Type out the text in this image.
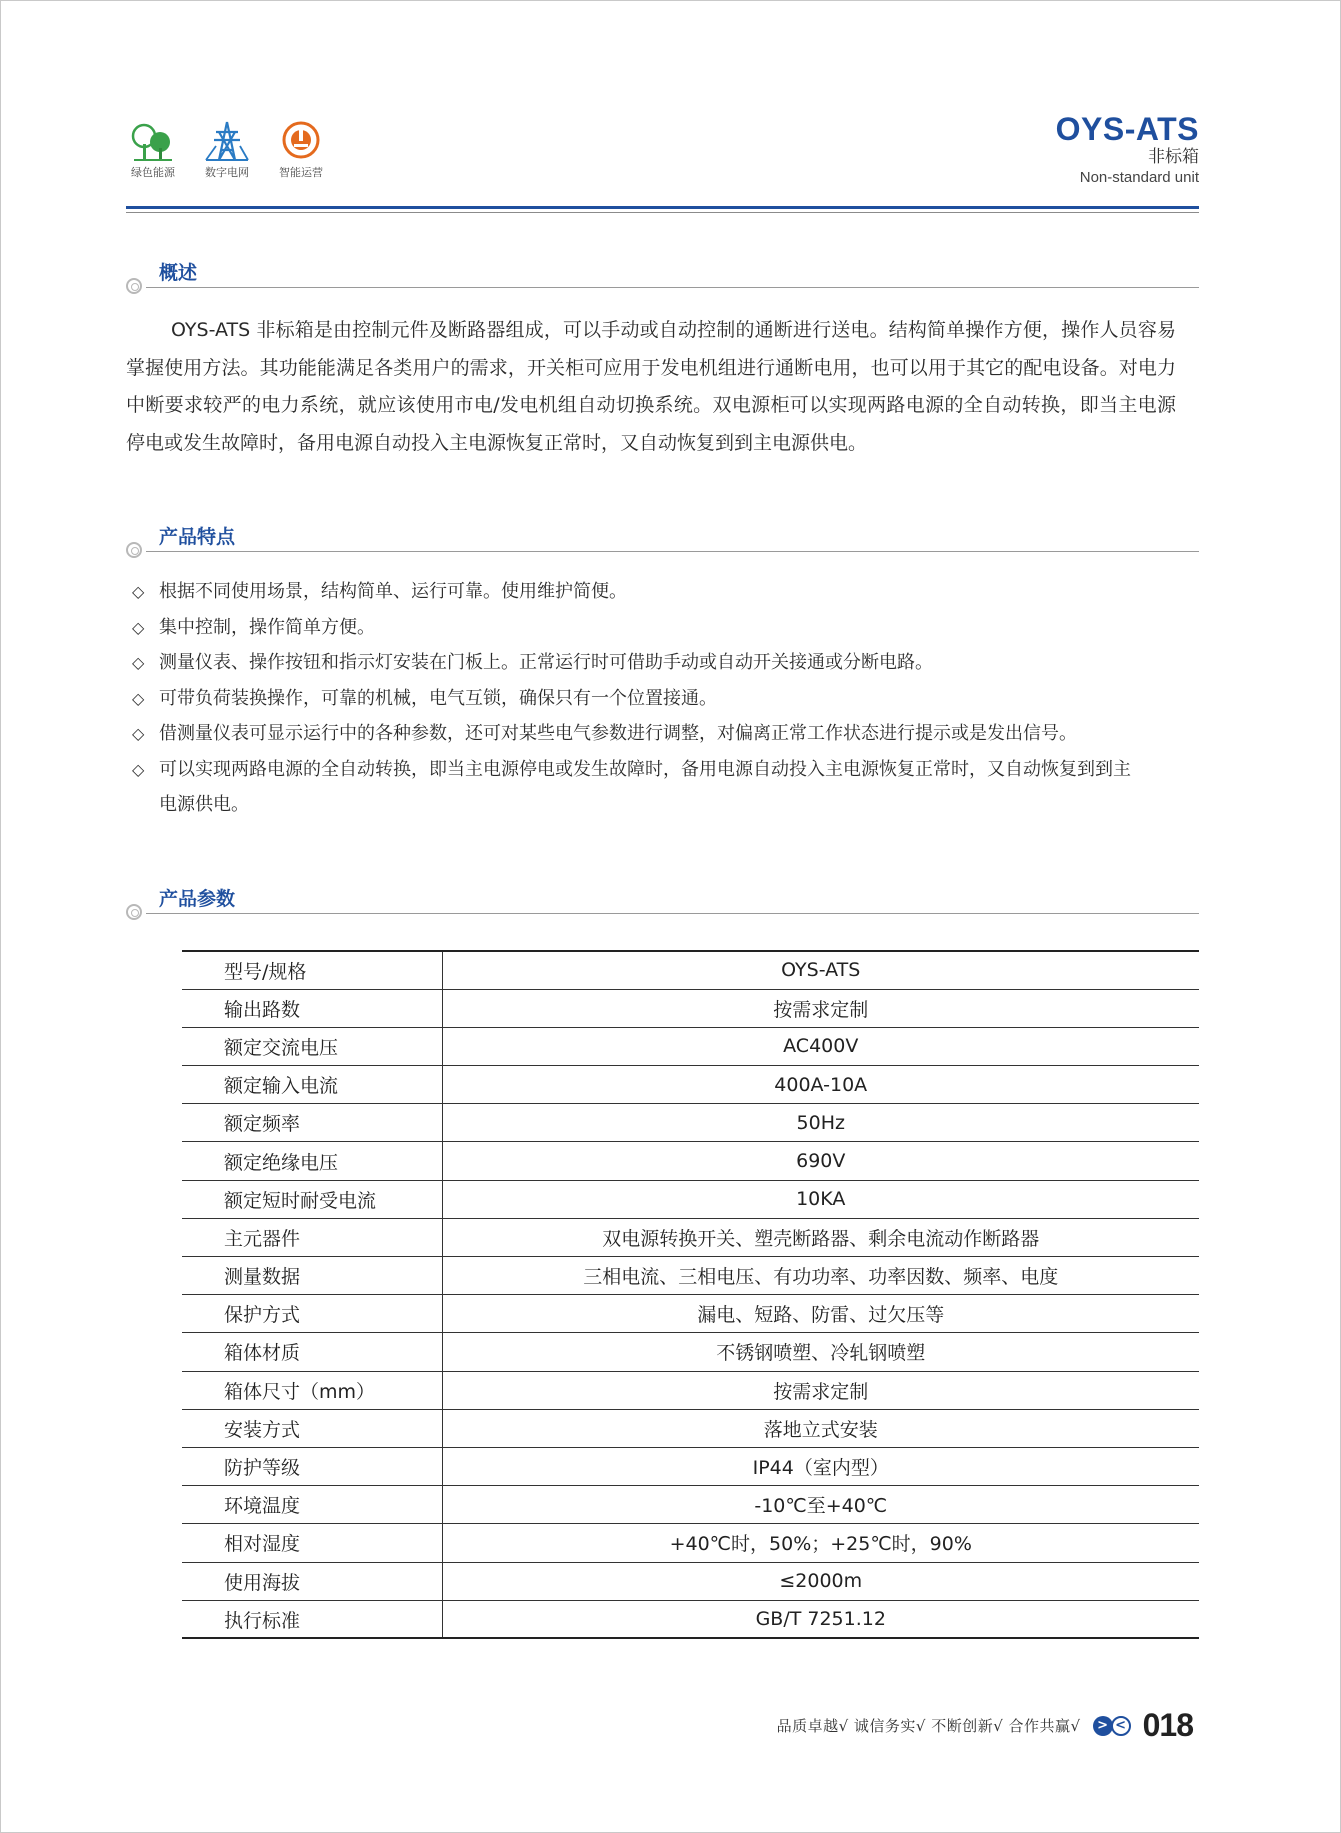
绿色能源	数字电网	智能运营
OYS-ATS
非标箱
Non-standard unit
概述

OYS-ATS 非标箱是由控制元件及断路器组成，可以手动或自动控制的通断进行送电。结构简单操作方便，操作人员容易掌握使用方法。其功能能满足各类用户的需求，开关柜可应用于发电机组进行通断电用，也可以用于其它的配电设备。对电力中断要求较严的电力系统，就应该使用市电/发电机组自动切换系统。双电源柜可以实现两路电源的全自动转换，即当主电源停电或发生故障时，备用电源自动投入主电源恢复正常时，又自动恢复到到主电源供电。

产品特点
◇ 根据不同使用场景，结构简单、运行可靠。使用维护简便。
◇ 集中控制，操作简单方便。
◇ 测量仪表、操作按钮和指示灯安装在门板上。正常运行时可借助手动或自动开关接通或分断电路。
◇ 可带负荷装换操作，可靠的机械，电气互锁，确保只有一个位置接通。
◇ 借测量仪表可显示运行中的各种参数，还可对某些电气参数进行调整，对偏离正常工作状态进行提示或是发出信号。
◇ 可以实现两路电源的全自动转换，即当主电源停电或发生故障时，备用电源自动投入主电源恢复正常时，又自动恢复到到主电源供电。
产品参数
型号/规格	OYS-ATS
输出路数	按需求定制
额定交流电压	AC400V
额定输入电流	400A-10A
额定频率	50Hz
额定绝缘电压	690V
额定短时耐受电流	10KA
主元器件	双电源转换开关、塑壳断路器、剩余电流动作断路器
测量数据	三相电流、三相电压、有功功率、功率因数、频率、电度
保护方式	漏电、短路、防雷、过欠压等
箱体材质	不锈钢喷塑、冷轧钢喷塑
箱体尺寸（mm）	按需求定制
安装方式	落地立式安装
防护等级	IP44（室内型）
环境温度	-10℃至+40℃
相对湿度	+40℃时，50%；+25℃时，90%
使用海拔	≤2000m
执行标准	GB/T 7251.12
品质卓越√ 诚信务实√ 不断创新√ 合作共赢√	> < 018
